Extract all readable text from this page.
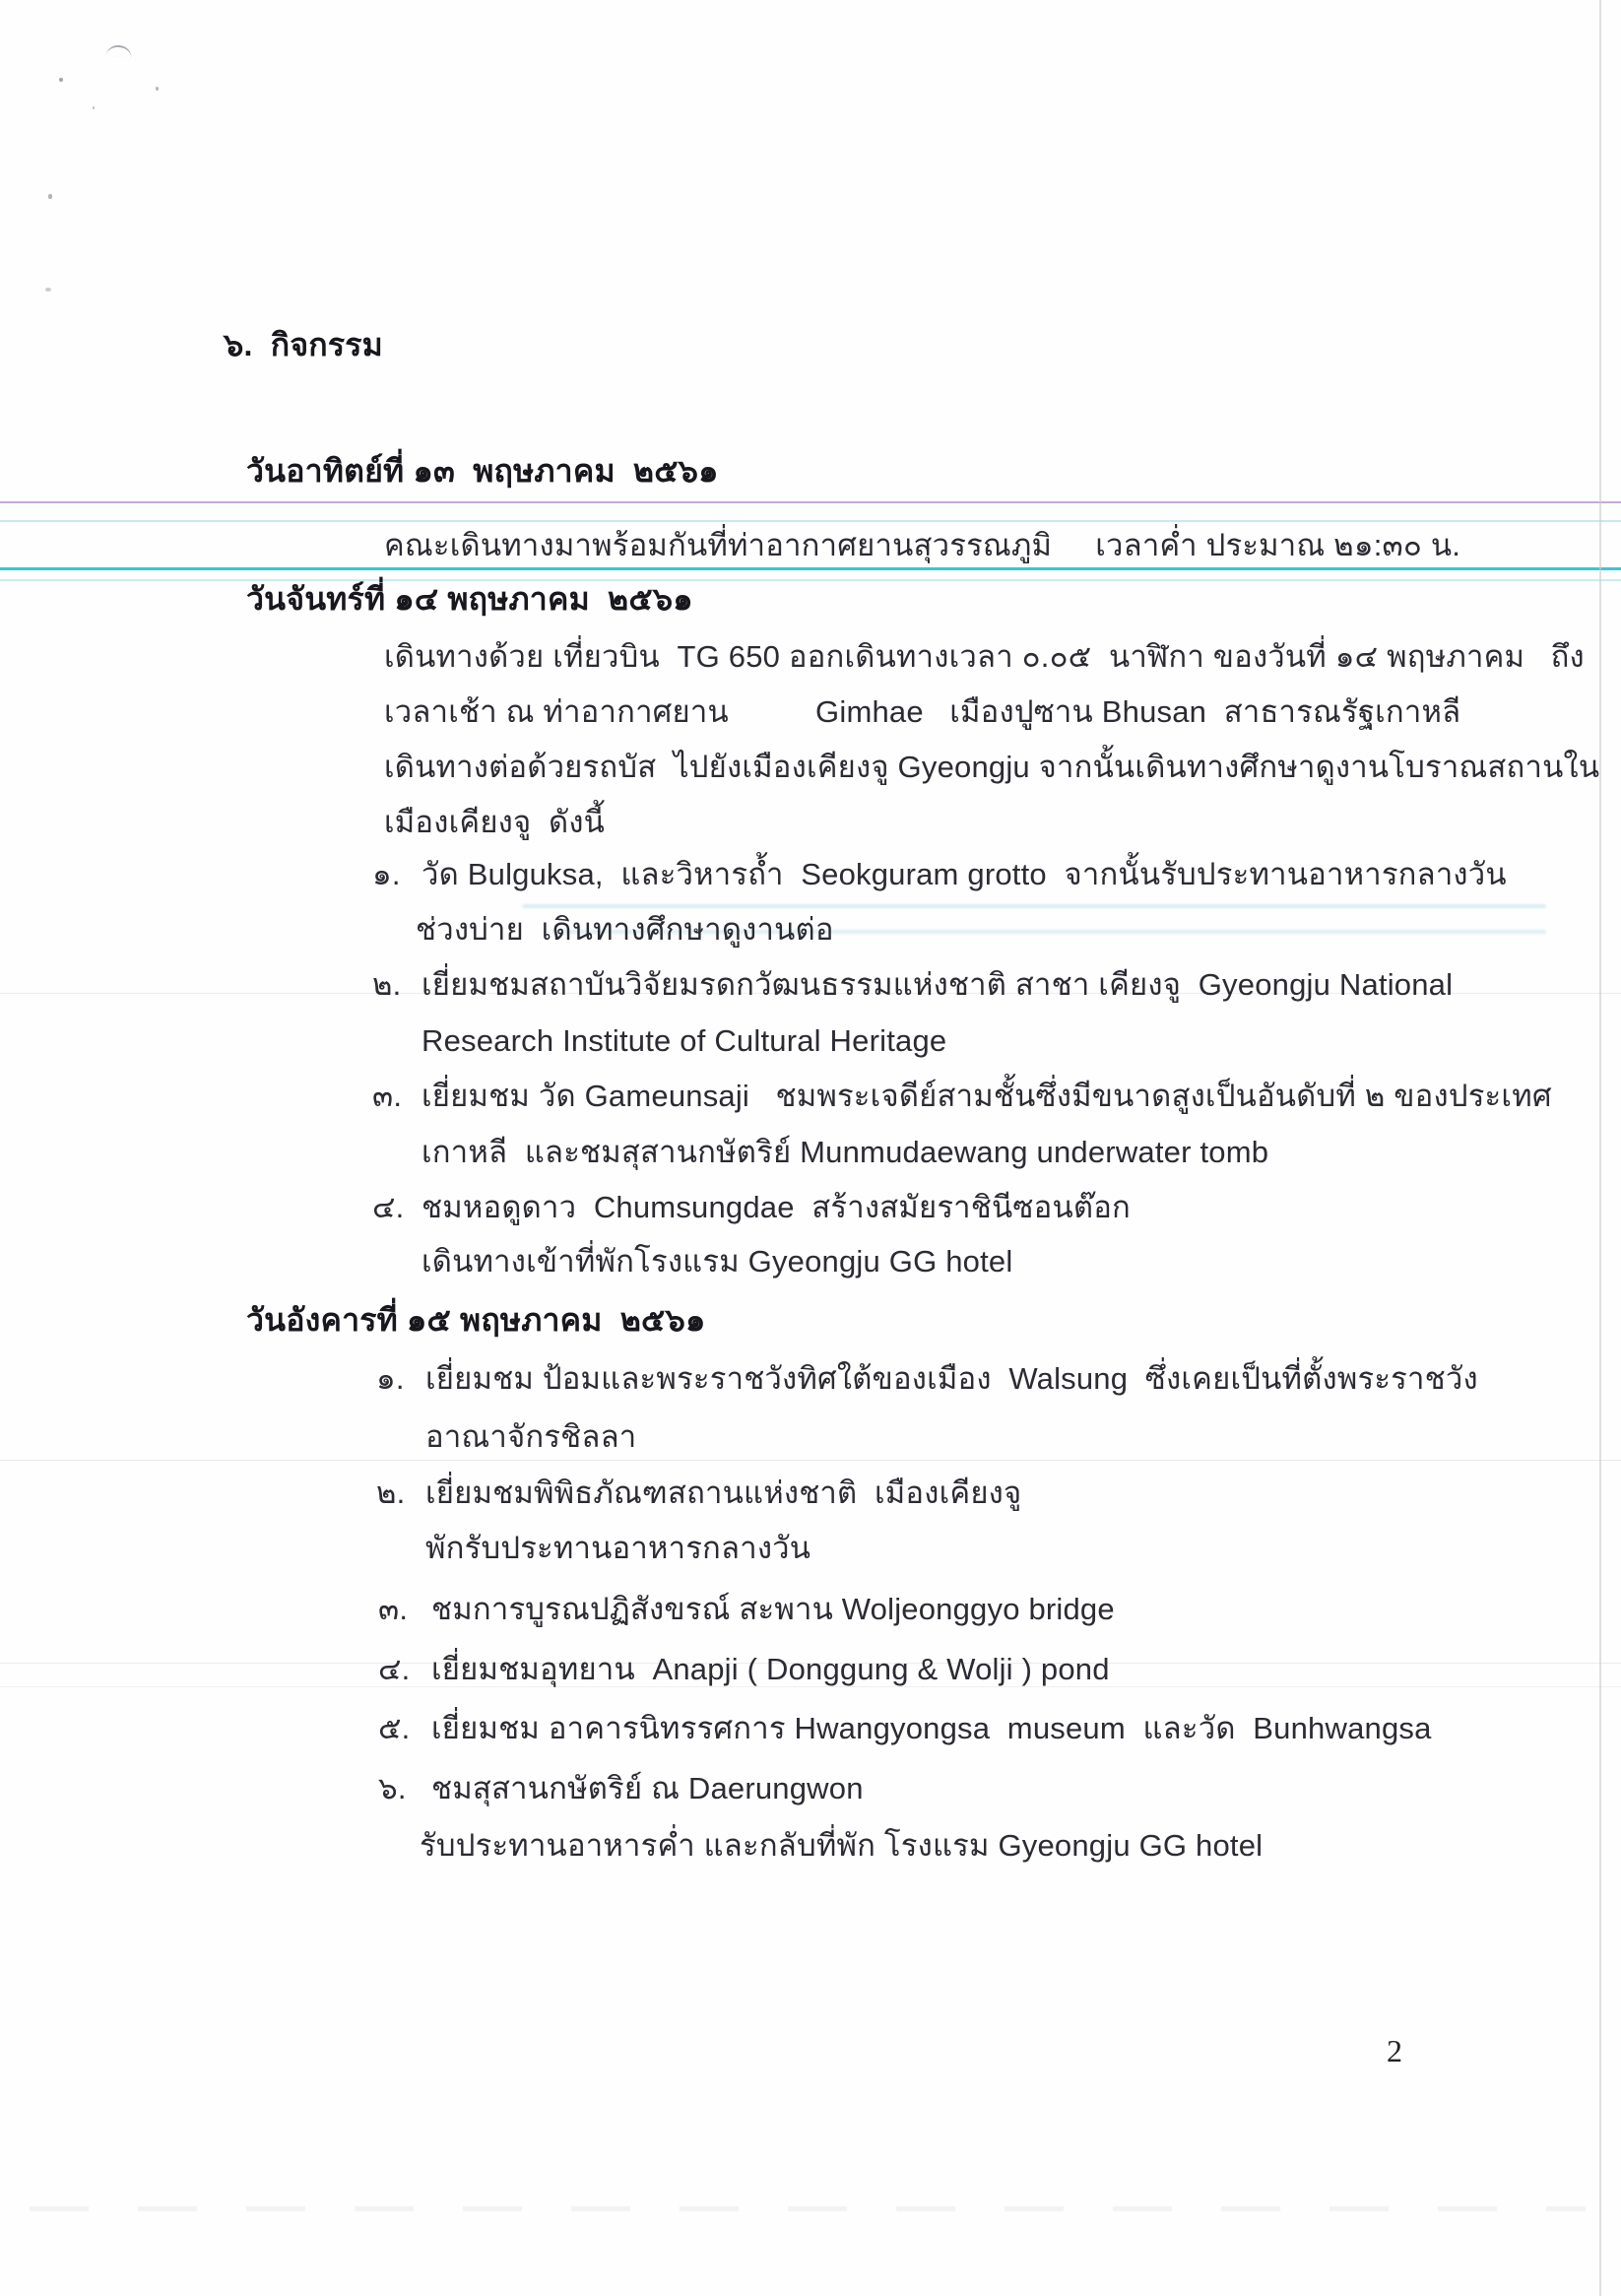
๖.  กิจกรรม
วันอาทิตย์ที่ ๑๓  พฤษภาคม  ๒๕๖๑
คณะเดินทางมาพร้อมกันที่ท่าอากาศยานสุวรรณภูมิ     เวลาค่ำ ประมาณ ๒๑:๓๐ น.
วันจันทร์ที่ ๑๔ พฤษภาคม  ๒๕๖๑
เดินทางด้วย เที่ยวบิน  TG 650 ออกเดินทางเวลา ๐.๐๕  นาฬิกา ของวันที่ ๑๔ พฤษภาคม   ถึง
เวลาเช้า ณ ท่าอากาศยาน          Gimhae   เมืองปูซาน Bhusan  สาธารณรัฐเกาหลี
เดินทางต่อด้วยรถบัส  ไปยังเมืองเคียงจู Gyeongju จากนั้นเดินทางศึกษาดูงานโบราณสถานใน
เมืองเคียงจู  ดังนี้
๑. วัด Bulguksa,  และวิหารถ้ำ  Seokguram grotto  จากนั้นรับประทานอาหารกลางวัน
ช่วงบ่าย  เดินทางศึกษาดูงานต่อ
๒. เยี่ยมชมสถาบันวิจัยมรดกวัฒนธรรมแห่งชาติ สาชา เคียงจู  Gyeongju National
Research Institute of Cultural Heritage
๓. เยี่ยมชม วัด Gameunsaji   ชมพระเจดีย์สามชั้นซึ่งมีขนาดสูงเป็นอันดับที่ ๒ ของประเทศ
เกาหลี  และชมสุสานกษัตริย์ Munmudaewang underwater tomb
๔. ชมหอดูดาว  Chumsungdae  สร้างสมัยราชินีซอนต๊อก
เดินทางเข้าที่พักโรงแรม Gyeongju GG hotel
วันอังคารที่ ๑๕ พฤษภาคม  ๒๕๖๑
๑. เยี่ยมชม ป้อมและพระราชวังทิศใต้ของเมือง  Walsung  ซึ่งเคยเป็นที่ตั้งพระราชวัง
อาณาจักรชิลลา
๒. เยี่ยมชมพิพิธภัณฑสถานแห่งชาติ  เมืองเคียงจู
พักรับประทานอาหารกลางวัน
๓. ชมการบูรณปฏิสังขรณ์ สะพาน Woljeonggyo bridge
๔. เยี่ยมชมอุทยาน  Anapji ( Donggung & Wolji ) pond
๕. เยี่ยมชม อาคารนิทรรศการ Hwangyongsa  museum  และวัด  Bunhwangsa
๖. ชมสุสานกษัตริย์ ณ Daerungwon
รับประทานอาหารค่ำ และกลับที่พัก โรงแรม Gyeongju GG hotel
2
